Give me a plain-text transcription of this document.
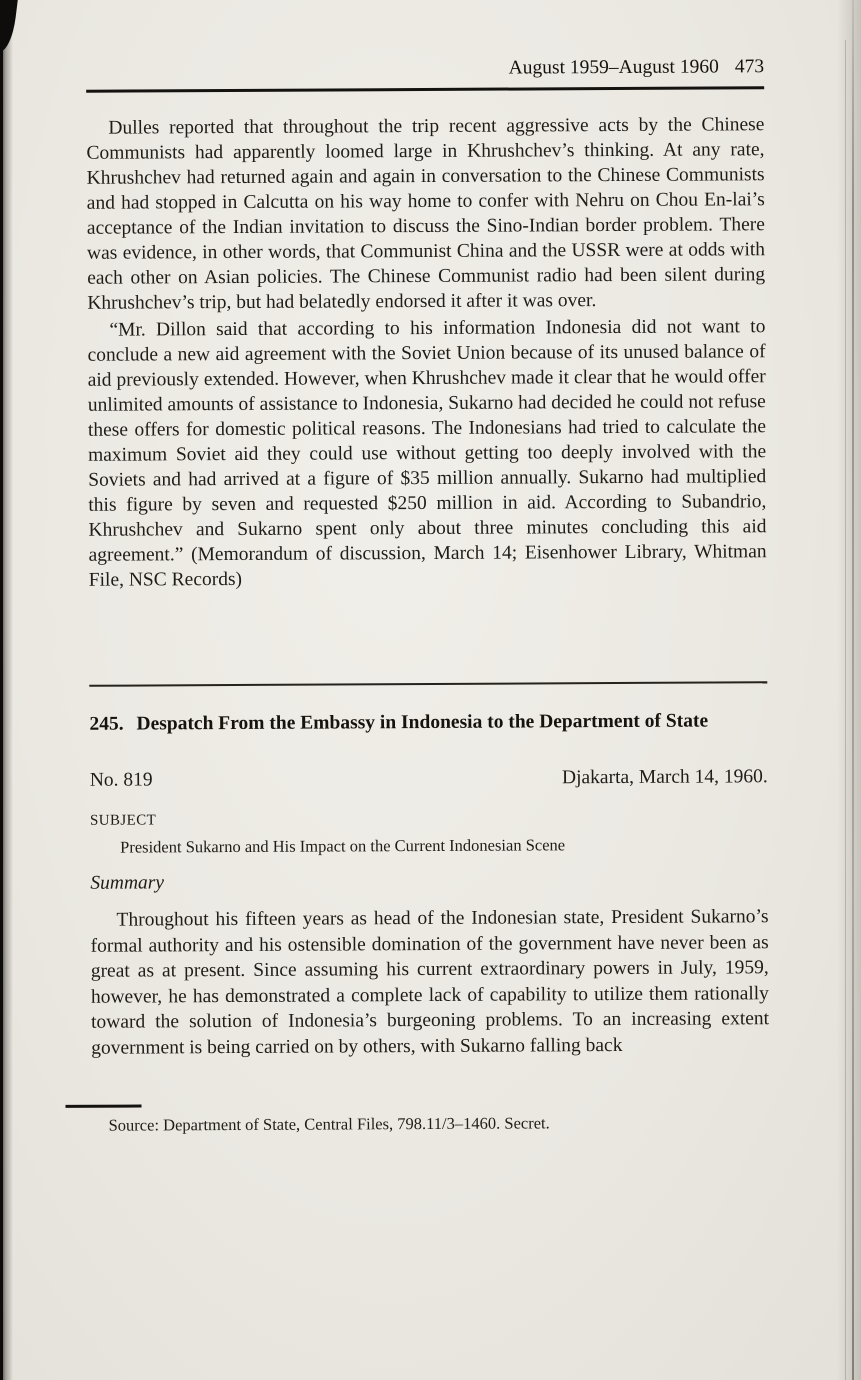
August 1959–August 1960 473

Dulles reported that throughout the trip recent aggressive acts by the Chinese Communists had apparently loomed large in Khrushchev’s thinking. At any rate, Khrushchev had returned again and again in conversation to the Chinese Communists and had stopped in Calcutta on his way home to confer with Nehru on Chou En-lai’s acceptance of the Indian invitation to discuss the Sino-Indian border problem. There was evidence, in other words, that Communist China and the USSR were at odds with each other on Asian policies. The Chinese Communist radio had been silent during Khrushchev’s trip, but had belatedly endorsed it after it was over.

“Mr. Dillon said that according to his information Indonesia did not want to conclude a new aid agreement with the Soviet Union because of its unused balance of aid previously extended. However, when Khrushchev made it clear that he would offer unlimited amounts of assistance to Indonesia, Sukarno had decided he could not refuse these offers for domestic political reasons. The Indonesians had tried to calculate the maximum Soviet aid they could use without getting too deeply involved with the Soviets and had arrived at a figure of $35 million annually. Sukarno had multiplied this figure by seven and requested $250 million in aid. According to Subandrio, Khrushchev and Sukarno spent only about three minutes concluding this aid agreement.” (Memorandum of discussion, March 14; Eisenhower Library, Whitman File, NSC Records)

245. Despatch From the Embassy in Indonesia to the Department of State
No. 819	Djakarta, March 14, 1960.
SUBJECT
President Sukarno and His Impact on the Current Indonesian Scene
Summary

Throughout his fifteen years as head of the Indonesian state, President Sukarno’s formal authority and his ostensible domination of the government have never been as great as at present. Since assuming his current extraordinary powers in July, 1959, however, he has demonstrated a complete lack of capability to utilize them rationally toward the solution of Indonesia’s burgeoning problems. To an increasing extent government is being carried on by others, with Sukarno falling back

Source: Department of State, Central Files, 798.11/3–1460. Secret.
